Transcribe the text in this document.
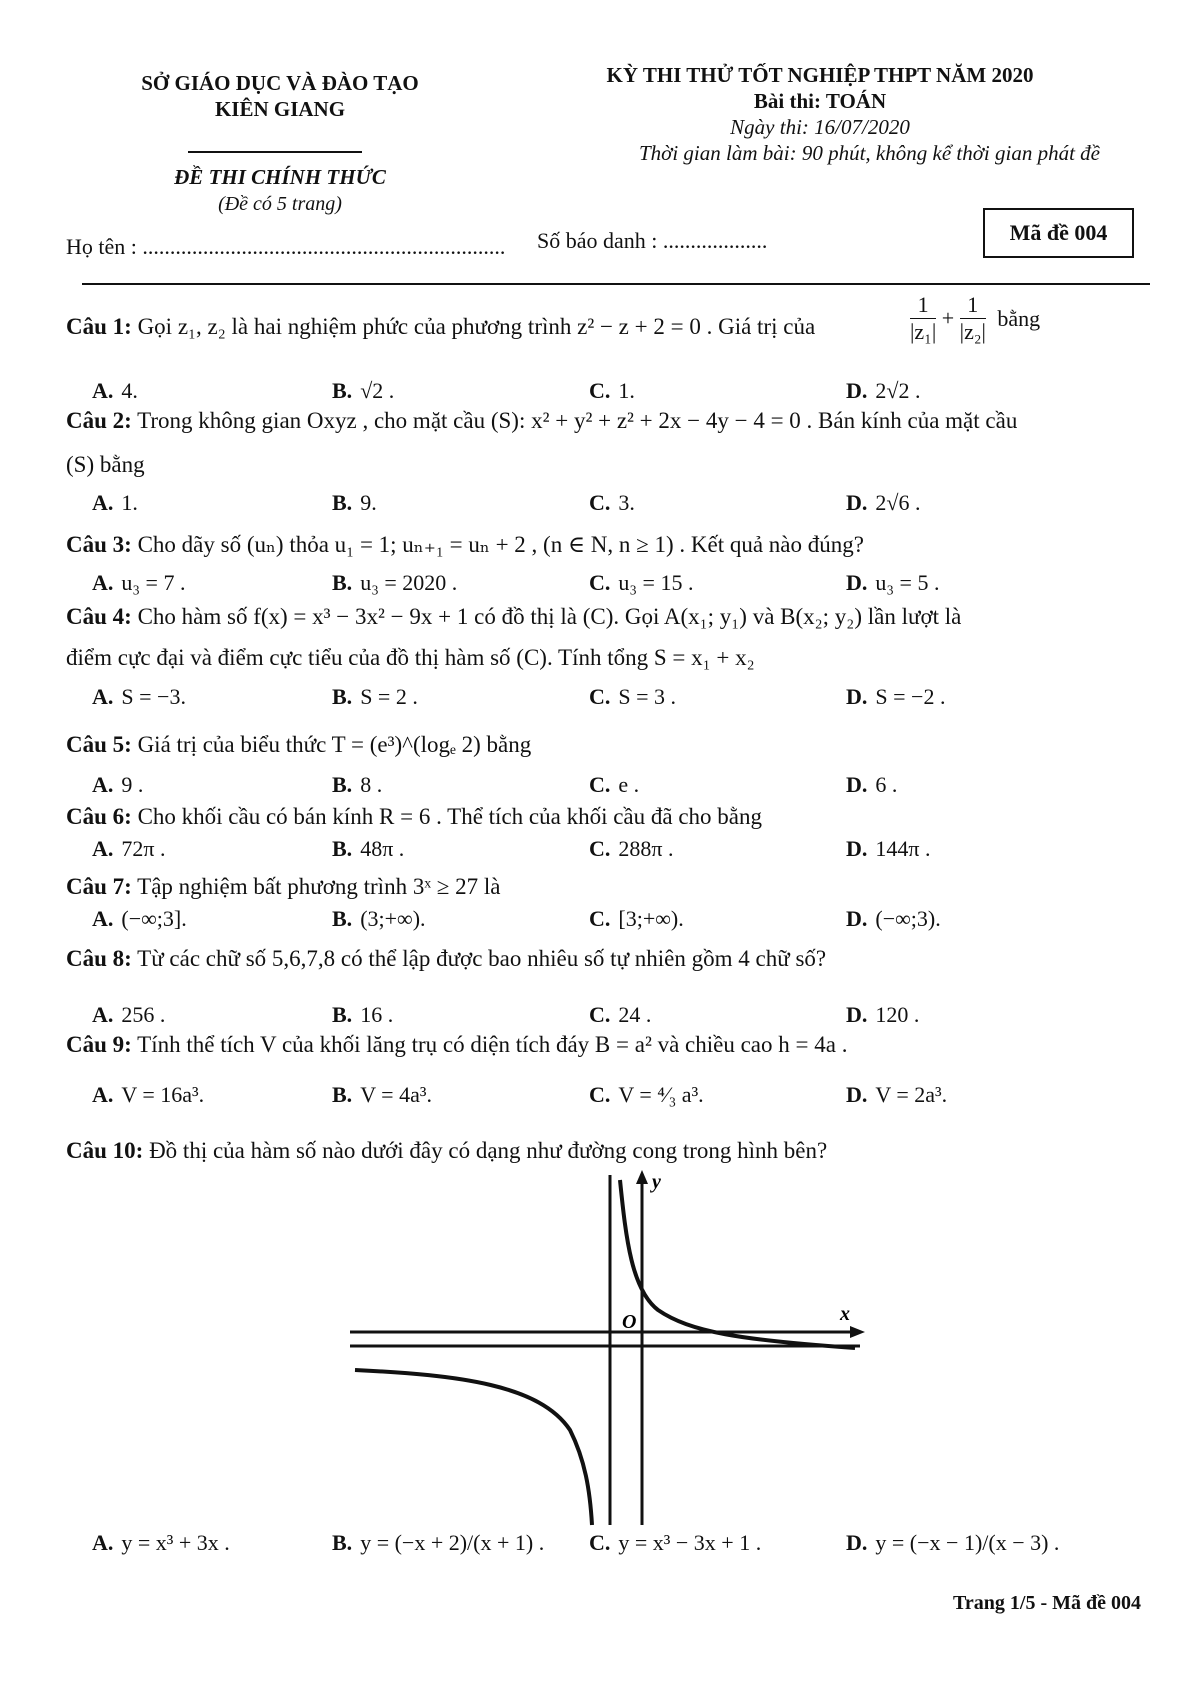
SỞ GIÁO DỤC VÀ ĐÀO TẠO
KIÊN GIANG
ĐỀ THI CHÍNH THỨC
(Đề có 5 trang)
KỲ THI THỬ TỐT NGHIỆP THPT NĂM 2020
Bài thi: TOÁN
Ngày thi: 16/07/2020
Thời gian làm bài: 90 phút, không kể thời gian phát đề
Họ tên : .................................................................. Số báo danh : ...................	Mã đề 004
Câu 1: Gọi z₁, z₂ là hai nghiệm phức của phương trình z² − z + 2 = 0 . Giá trị của	$\frac{1}{\text{|z₁|}} + \frac{1}{\text{|z₂|}}$ bằng
A. 4.	B. √2 .	C. 1.	D. 2√2 .
Câu 2: Trong không gian Oxyz , cho mặt cầu (S): x² + y² + z² + 2x − 4y − 4 = 0 . Bán kính của mặt cầu
(S) bằng
A. 1.	B. 9.	C. 3.	D. 2√6 .
Câu 3: Cho dãy số (uₙ) thỏa u₁ = 1; uₙ₊₁ = uₙ + 2 , (n ∈ N, n ≥ 1) . Kết quả nào đúng?
A. u₃ = 7 .	B. u₃ = 2020 .	C. u₃ = 15 .	D. u₃ = 5 .
Câu 4: Cho hàm số f(x) = x³ − 3x² − 9x + 1 có đồ thị là (C). Gọi A(x₁; y₁) và B(x₂; y₂) lần lượt là
điểm cực đại và điểm cực tiểu của đồ thị hàm số (C). Tính tổng S = x₁ + x₂
A. S = −3.	B. S = 2 .	C. S = 3 .	D. S = −2 .
Câu 5: Giá trị của biểu thức T = (e³)^(logₑ 2) bằng
A. 9 .	B. 8 .	C. e .	D. 6 .
Câu 6: Cho khối cầu có bán kính R = 6 . Thể tích của khối cầu đã cho bằng
A. 72π .	B. 48π .	C. 288π .	D. 144π .
Câu 7: Tập nghiệm bất phương trình 3ˣ ≥ 27 là
A. (−∞;3].	B. (3;+∞).	C. [3;+∞).	D. (−∞;3).
Câu 8: Từ các chữ số 5,6,7,8 có thể lập được bao nhiêu số tự nhiên gồm 4 chữ số?
A. 256 .	B. 16 .	C. 24 .	D. 120 .
Câu 9: Tính thể tích V của khối lăng trụ có diện tích đáy B = a² và chiều cao h = 4a .
A. V = 16a³.	B. V = 4a³.	C. V = ⁴⁄₃ a³.	D. V = 2a³.
Câu 10: Đồ thị của hàm số nào dưới đây có dạng như đường cong trong hình bên?
y
x
O
A. y = x³ + 3x .	B. y = (−x + 2)/(x + 1) . C. y = x³ − 3x + 1 .	D. y = (−x − 1)/(x − 3) .
Trang 1/5 - Mã đề 004
